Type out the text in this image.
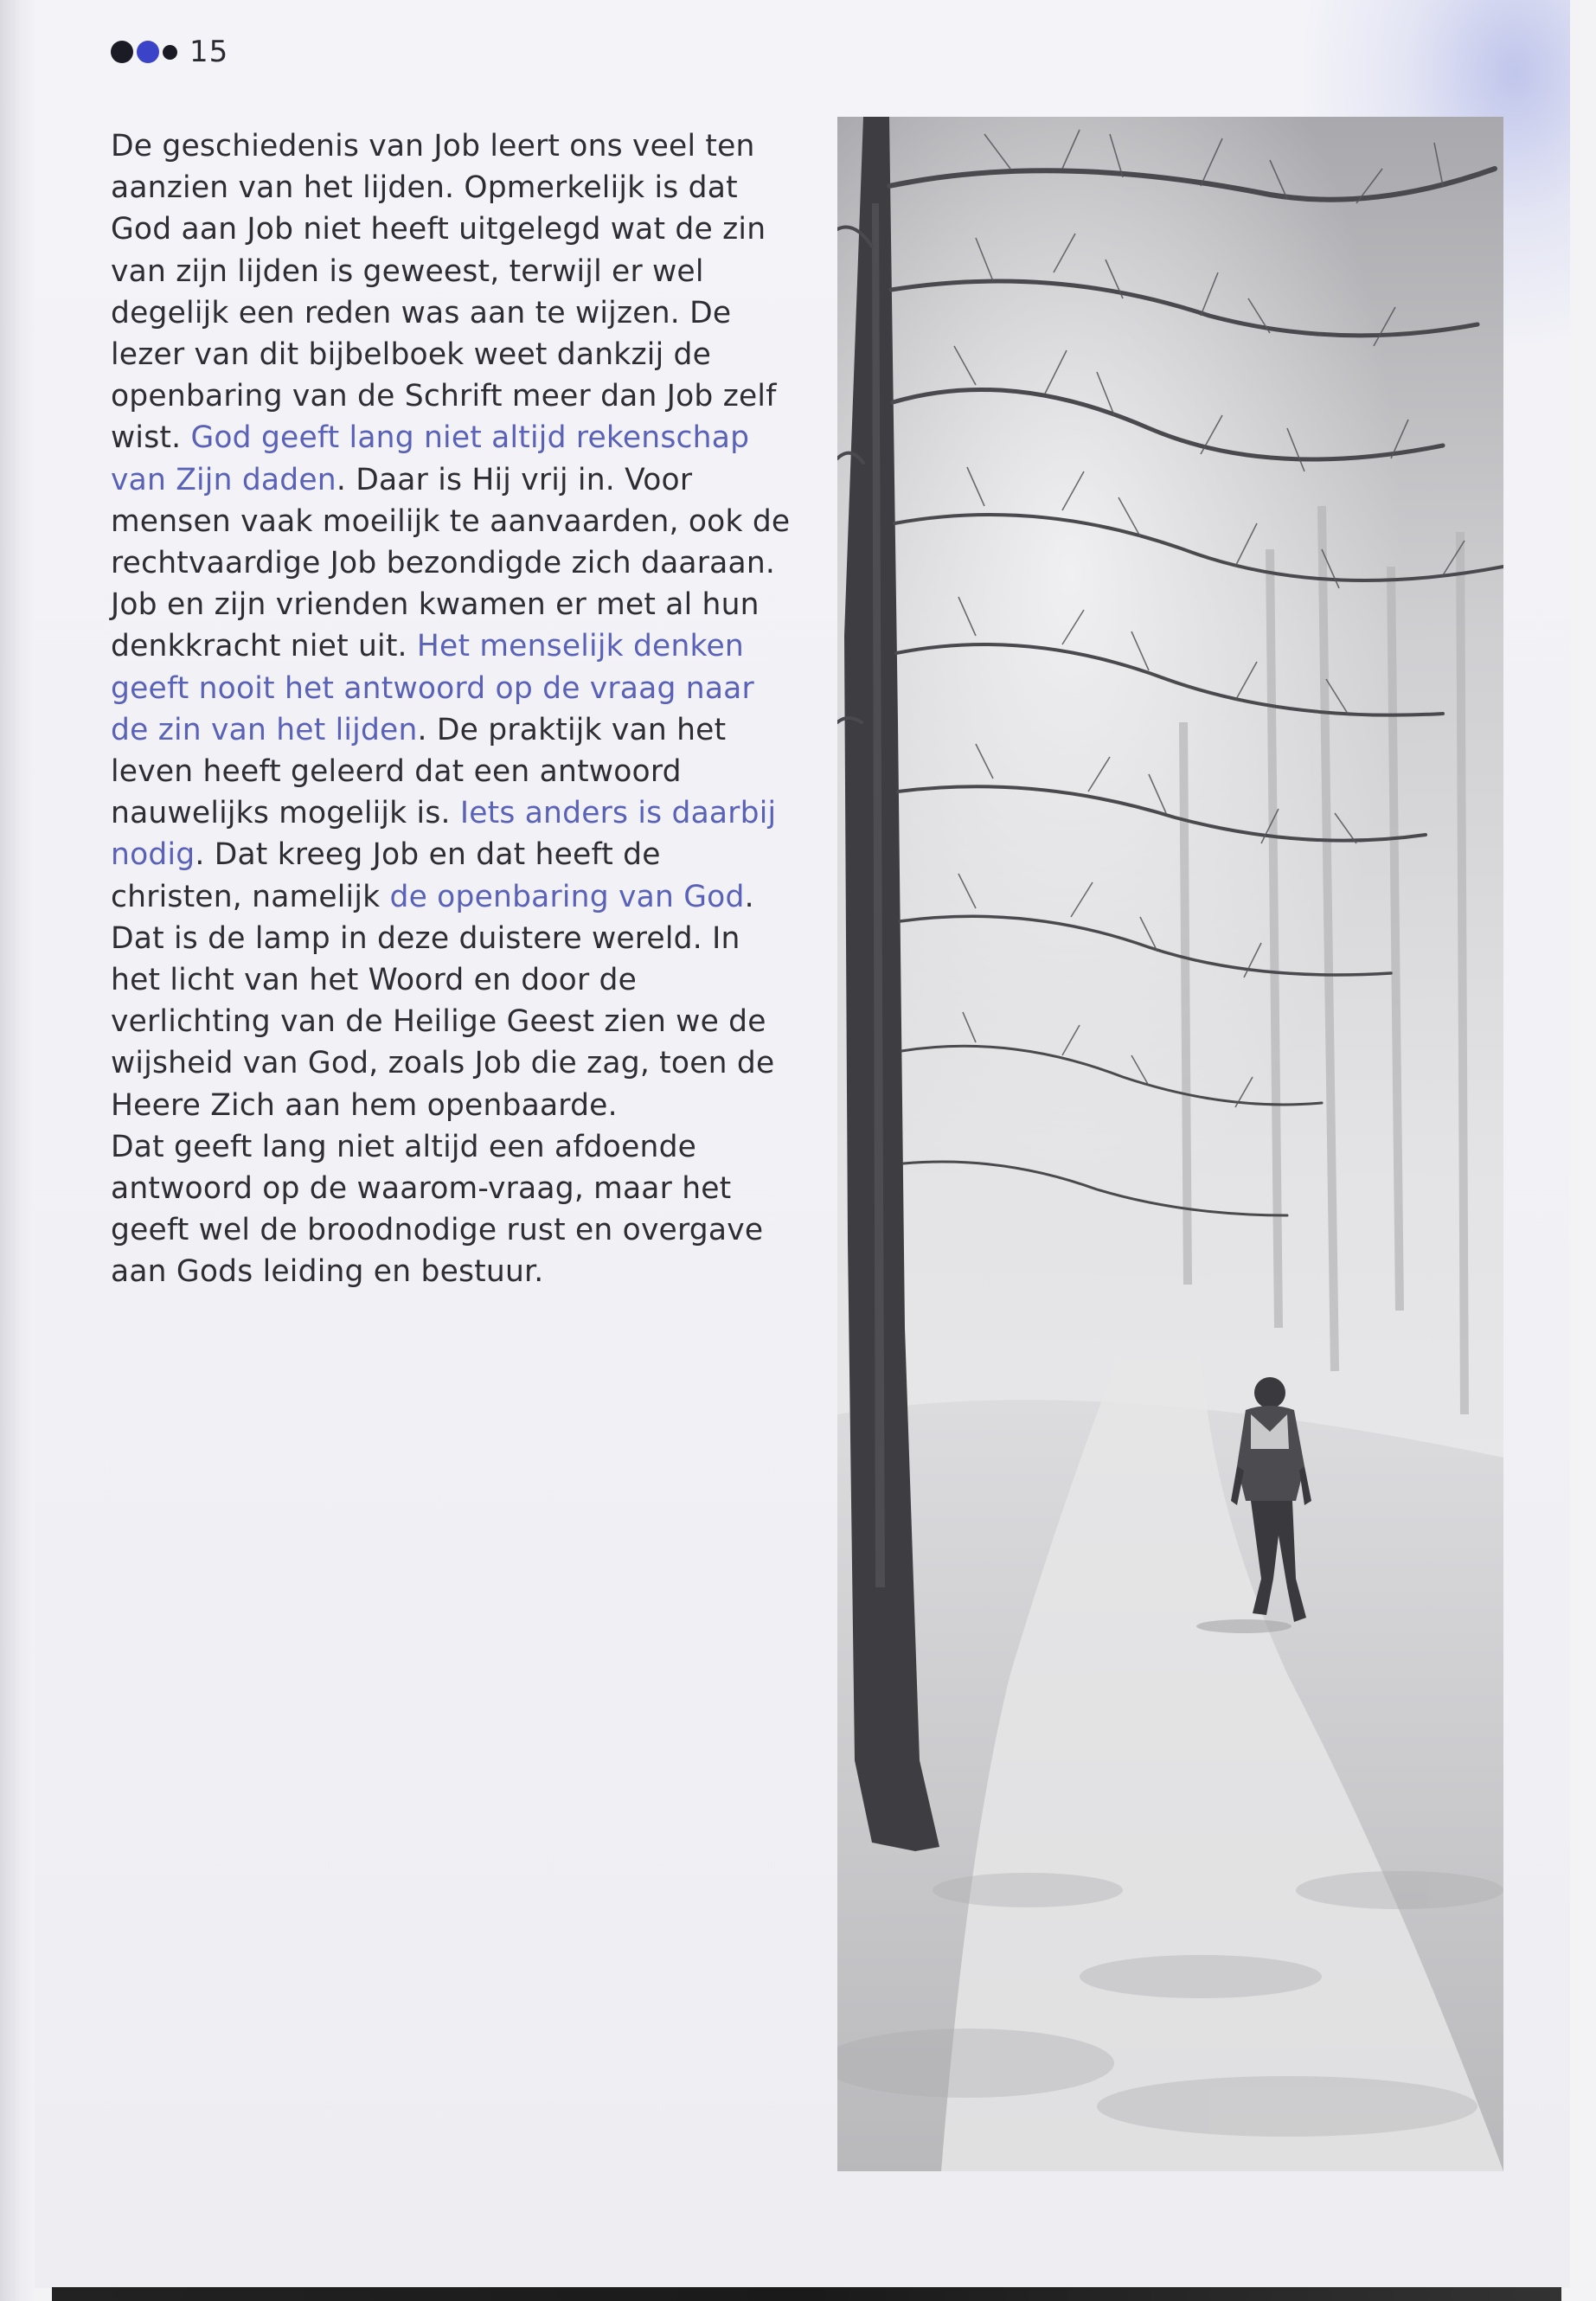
15

De geschiedenis van Job leert ons veel ten aanzien van het lijden. Opmerkelijk is dat God aan Job niet heeft uitgelegd wat de zin van zijn lijden is geweest, terwijl er wel degelijk een reden was aan te wijzen. De lezer van dit bijbelboek weet dankzij de openbaring van de Schrift meer dan Job zelf wist. God geeft lang niet altijd rekenschap van Zijn daden. Daar is Hij vrij in. Voor mensen vaak moeilijk te aanvaarden, ook de rechtvaardige Job bezondigde zich daaraan. Job en zijn vrienden kwamen er met al hun denkkracht niet uit. Het menselijk denken geeft nooit het antwoord op de vraag naar de zin van het lijden. De praktijk van het leven heeft geleerd dat een antwoord nauwelijks mogelijk is. Iets anders is daarbij nodig. Dat kreeg Job en dat heeft de christen, namelijk de openbaring van God. Dat is de lamp in deze duistere wereld. In het licht van het Woord en door de verlichting van de Heilige Geest zien we de wijsheid van God, zoals Job die zag, toen de Heere Zich aan hem openbaarde.

Dat geeft lang niet altijd een afdoende antwoord op de waarom-vraag, maar het geeft wel de broodnodige rust en overgave aan Gods leiding en bestuur.
